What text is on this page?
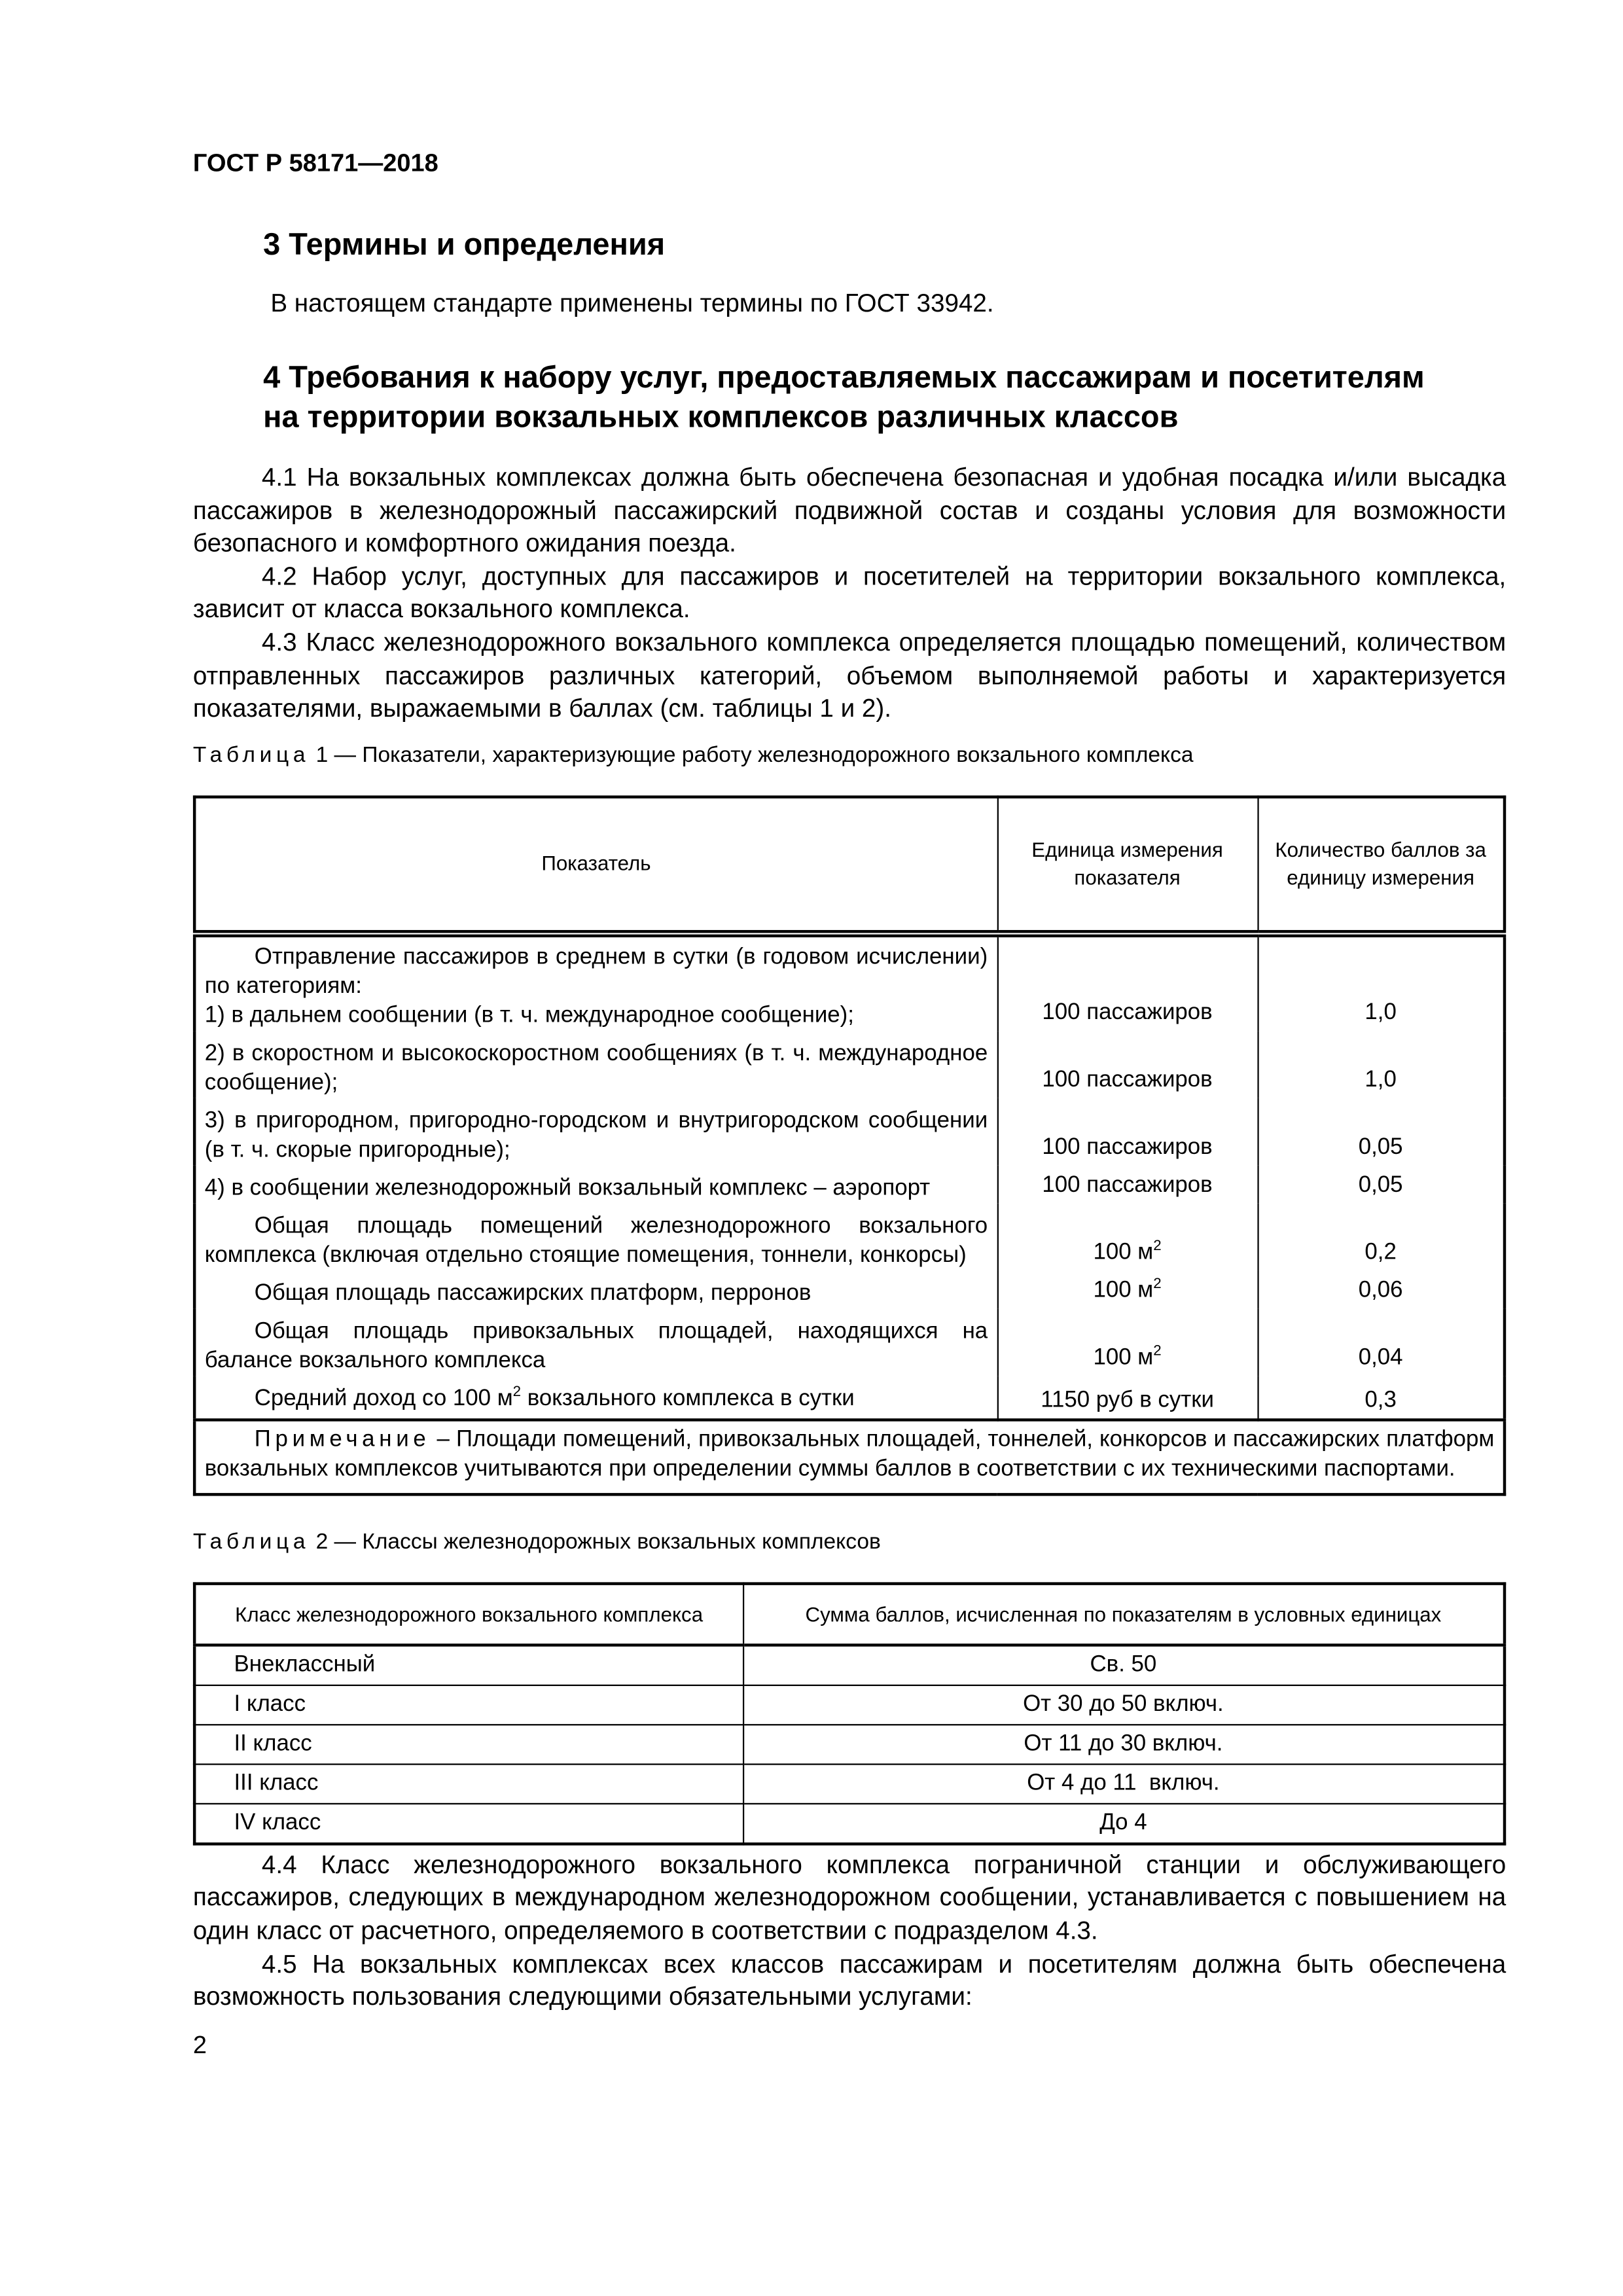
ГОСТ Р 58171—2018
3 Термины и определения
В настоящем стандарте применены термины по ГОСТ 33942.
4 Требования к набору услуг, предоставляемых пассажирам и посетителям
на территории вокзальных комплексов различных классов
4.1 На вокзальных комплексах должна быть обеспечена безопасная и удобная посадка и/или высадка пассажиров в железнодорожный пассажирский подвижной состав и созданы условия для возможности безопасного и комфортного ожидания поезда.
4.2 Набор услуг, доступных для пассажиров и посетителей на территории вокзального комплекса, зависит от класса вокзального комплекса.
4.3 Класс железнодорожного вокзального комплекса определяется площадью помещений, количеством отправленных пассажиров различных категорий, объемом выполняемой работы и характеризуется показателями, выражаемыми в баллах (см. таблицы 1 и 2).
Таблица 1 — Показатели, характеризующие работу железнодорожного вокзального комплекса
Показатель	Единица измерения показателя	Количество баллов за единицу измерения

Отправление пассажиров в среднем в сутки (в годовом исчислении) по категориям:
1) в дальнем сообщении (в т. ч. международное сообщение);	100 пассажиров	1,0
2) в скоростном и высокоскоростном сообщениях (в т. ч. международное сообщение);	100 пассажиров	1,0
3) в пригородном, пригородно-городском и внутригородском сообщении (в т. ч. скорые пригородные);	100 пассажиров	0,05
4) в сообщении железнодорожный вокзальный комплекс – аэропорт	100 пассажиров	0,05

Общая площадь помещений железнодорожного вокзального комплекса (включая отдельно стоящие помещения, тоннели, конкорсы)	100 $м^2$	0,2

Общая площадь пассажирских платформ, перронов	100 $м^2$	0,06

Общая площадь привокзальных площадей, находящихся на балансе вокзального комплекса	100 $м^2$	0,04

Средний доход со 100 $м^2$ вокзального комплекса в сутки	1150 руб в сутки	0,3

Примечание – Площади помещений, привокзальных площадей, тоннелей, конкорсов и пассажирских платформ вокзальных комплексов учитываются при определении суммы баллов в соответствии с их техническими паспортами.		
Таблица 2 — Классы железнодорожных вокзальных комплексов
Класс железнодорожного вокзального комплекса	Сумма баллов, исчисленная по показателям в условных единицах
Внеклассный	Св. 50
I класс	От 30 до 50 включ.
II класс	От 11 до 30 включ.
III класс	От 4 до 11  включ.
IV класс	До 4
4.4 Класс железнодорожного вокзального комплекса пограничной станции и обслуживающего пассажиров, следующих в международном железнодорожном сообщении, устанавливается с повышением на один класс от расчетного, определяемого в соответствии с подразделом 4.3.
4.5 На вокзальных комплексах всех классов пассажирам и посетителям должна быть обеспечена возможность пользования следующими обязательными услугами:
2
